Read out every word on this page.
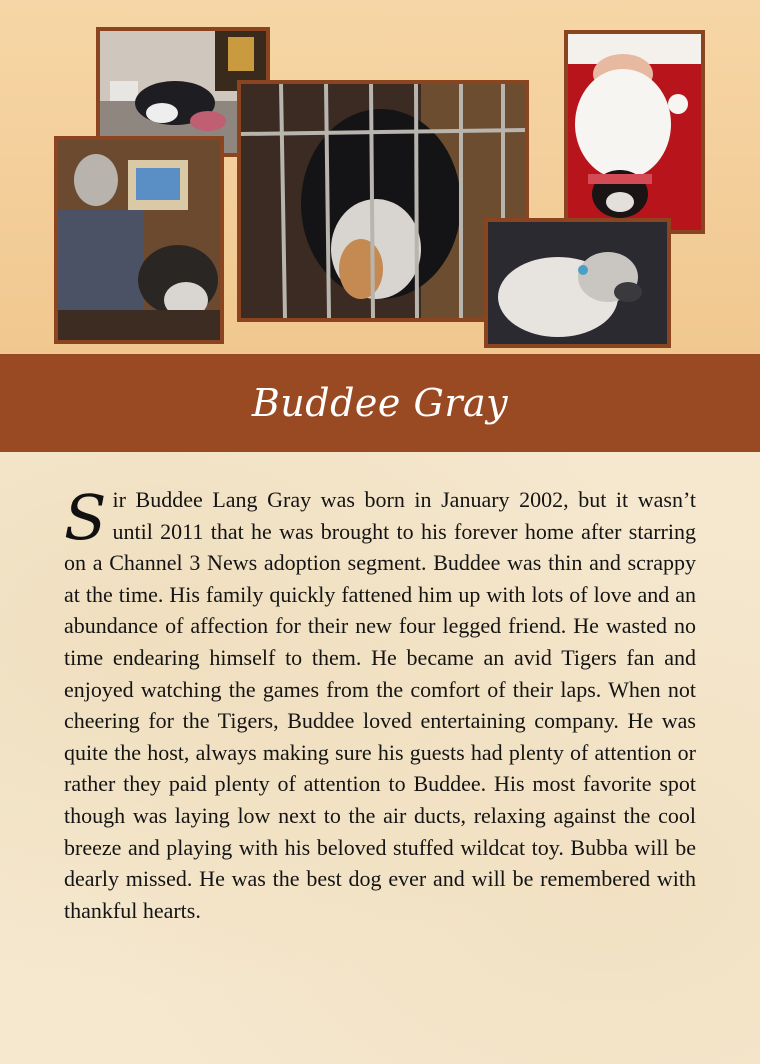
Buddee Gray

Sir Buddee Lang Gray was born in January 2002, but it wasn’t until 2011 that he was brought to his forever home after starring on a Channel 3 News adoption segment. Buddee was thin and scrappy at the time. His family quickly fattened him up with lots of love and an abundance of affection for their new four legged friend. He wasted no time endearing himself to them. He became an avid Tigers fan and enjoyed watching the games from the comfort of their laps. When not cheering for the Tigers, Buddee loved entertaining company. He was quite the host, always making sure his guests had plenty of attention or rather they paid plenty of attention to Buddee. His most favorite spot though was laying low next to the air ducts, relaxing against the cool breeze and playing with his beloved stuffed wildcat toy. Bubba will be dearly missed. He was the best dog ever and will be remembered with thankful hearts.
